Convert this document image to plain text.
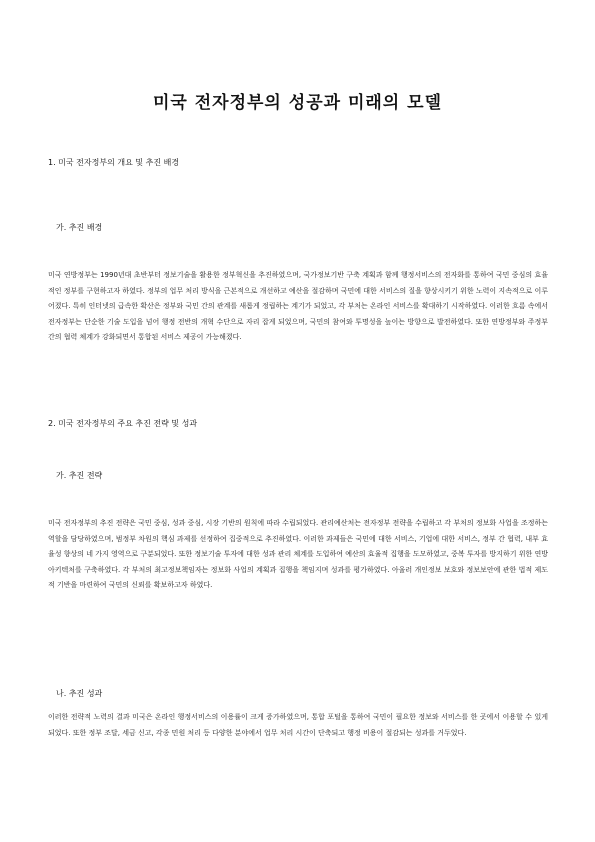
미국 전자정부의 성공과 미래의 모델
1. 미국 전자정부의 개요 및 추진 배경
가. 추진 배경
미국 연방정부는 1990년대 초반부터 정보기술을 활용한 정부혁신을 추진하였으며, 국가정보기반 구축 계획과 함께 행정서비스의 전자화를 통하여 국민 중심의 효율적인 정부를 구현하고자 하였다. 정부의 업무 처리 방식을 근본적으로 개선하고 예산을 절감하며 국민에 대한 서비스의 질을 향상시키기 위한 노력이 지속적으로 이루어졌다. 특히 인터넷의 급속한 확산은 정부와 국민 간의 관계를 새롭게 정립하는 계기가 되었고, 각 부처는 온라인 서비스를 확대하기 시작하였다. 이러한 흐름 속에서 전자정부는 단순한 기술 도입을 넘어 행정 전반의 개혁 수단으로 자리 잡게 되었으며, 국민의 참여와 투명성을 높이는 방향으로 발전하였다. 또한 연방정부와 주정부 간의 협력 체계가 강화되면서 통합된 서비스 제공이 가능해졌다.
2. 미국 전자정부의 주요 추진 전략 및 성과
가. 추진 전략
미국 전자정부의 추진 전략은 국민 중심, 성과 중심, 시장 기반의 원칙에 따라 수립되었다. 관리예산처는 전자정부 전략을 수립하고 각 부처의 정보화 사업을 조정하는 역할을 담당하였으며, 범정부 차원의 핵심 과제를 선정하여 집중적으로 추진하였다. 이러한 과제들은 국민에 대한 서비스, 기업에 대한 서비스, 정부 간 협력, 내부 효율성 향상의 네 가지 영역으로 구분되었다. 또한 정보기술 투자에 대한 성과 관리 체계를 도입하여 예산의 효율적 집행을 도모하였고, 중복 투자를 방지하기 위한 연방 아키텍처를 구축하였다. 각 부처의 최고정보책임자는 정보화 사업의 계획과 집행을 책임지며 성과를 평가하였다. 아울러 개인정보 보호와 정보보안에 관한 법적 제도적 기반을 마련하여 국민의 신뢰를 확보하고자 하였다.
나. 추진 성과
이러한 전략적 노력의 결과 미국은 온라인 행정서비스의 이용률이 크게 증가하였으며, 통합 포털을 통하여 국민이 필요한 정보와 서비스를 한 곳에서 이용할 수 있게 되었다. 또한 정부 조달, 세금 신고, 각종 민원 처리 등 다양한 분야에서 업무 처리 시간이 단축되고 행정 비용이 절감되는 성과를 거두었다.
